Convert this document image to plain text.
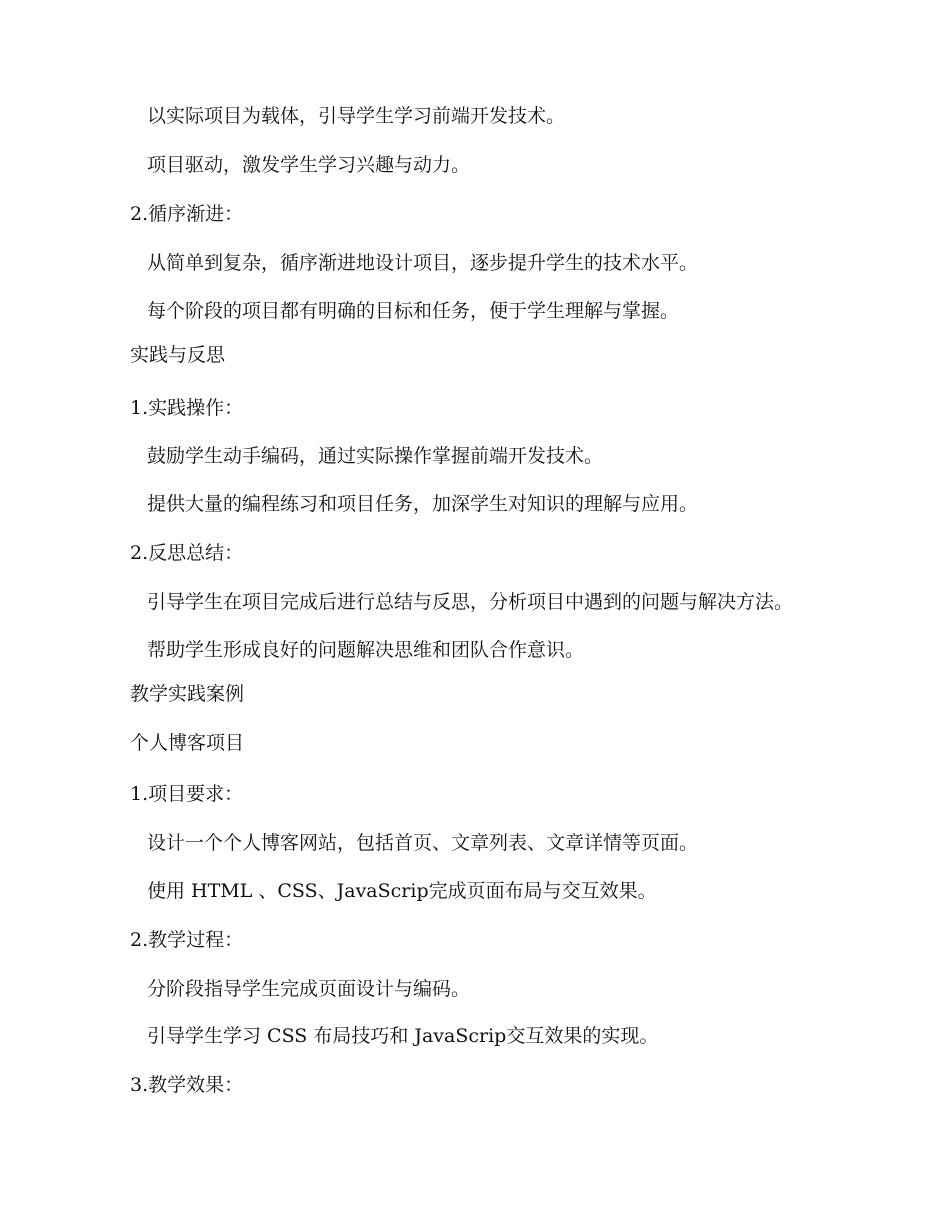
以实际项目为载体，引导学生学习前端开发技术。
项目驱动，激发学生学习兴趣与动力。
2.循序渐进：
从简单到复杂，循序渐进地设计项目，逐步提升学生的技术水平。
每个阶段的项目都有明确的目标和任务，便于学生理解与掌握。
实践与反思
1.实践操作：
鼓励学生动手编码，通过实际操作掌握前端开发技术。
提供大量的编程练习和项目任务，加深学生对知识的理解与应用。
2.反思总结：
引导学生在项目完成后进行总结与反思，分析项目中遇到的问题与解决方法。
帮助学生形成良好的问题解决思维和团队合作意识。
教学实践案例
个人博客项目
1.项目要求：
设计一个个人博客网站，包括首页、文章列表、文章详情等页面。
使用 HTML 、CSS、JavaScrip完成页面布局与交互效果。
2.教学过程：
分阶段指导学生完成页面设计与编码。
引导学生学习 CSS 布局技巧和 JavaScrip交互效果的实现。
3.教学效果：
